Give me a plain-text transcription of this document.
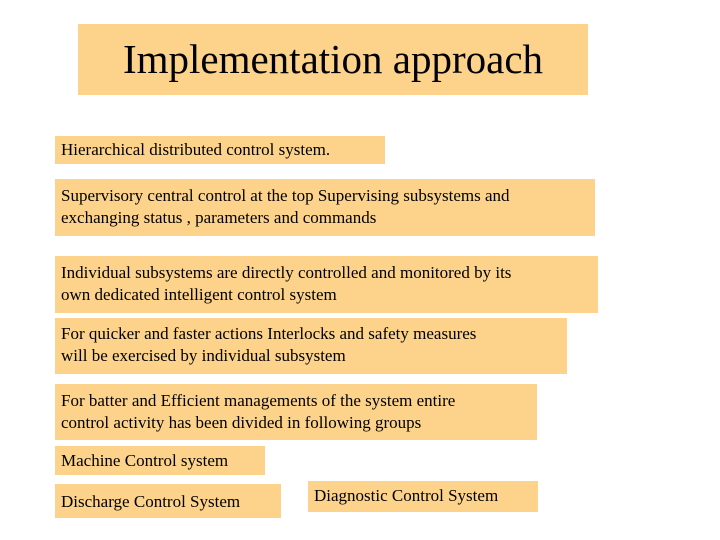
Implementation approach
Hierarchical distributed control system.
Supervisory central control at the top Supervising subsystems and
exchanging status , parameters and commands
Individual subsystems are directly controlled and monitored by its
own dedicated intelligent control system
For quicker and faster actions Interlocks and safety measures
will be exercised by individual subsystem
For batter and Efficient managements of the system entire
control activity has been divided in following groups
Machine Control system
Discharge Control System	Diagnostic Control System
